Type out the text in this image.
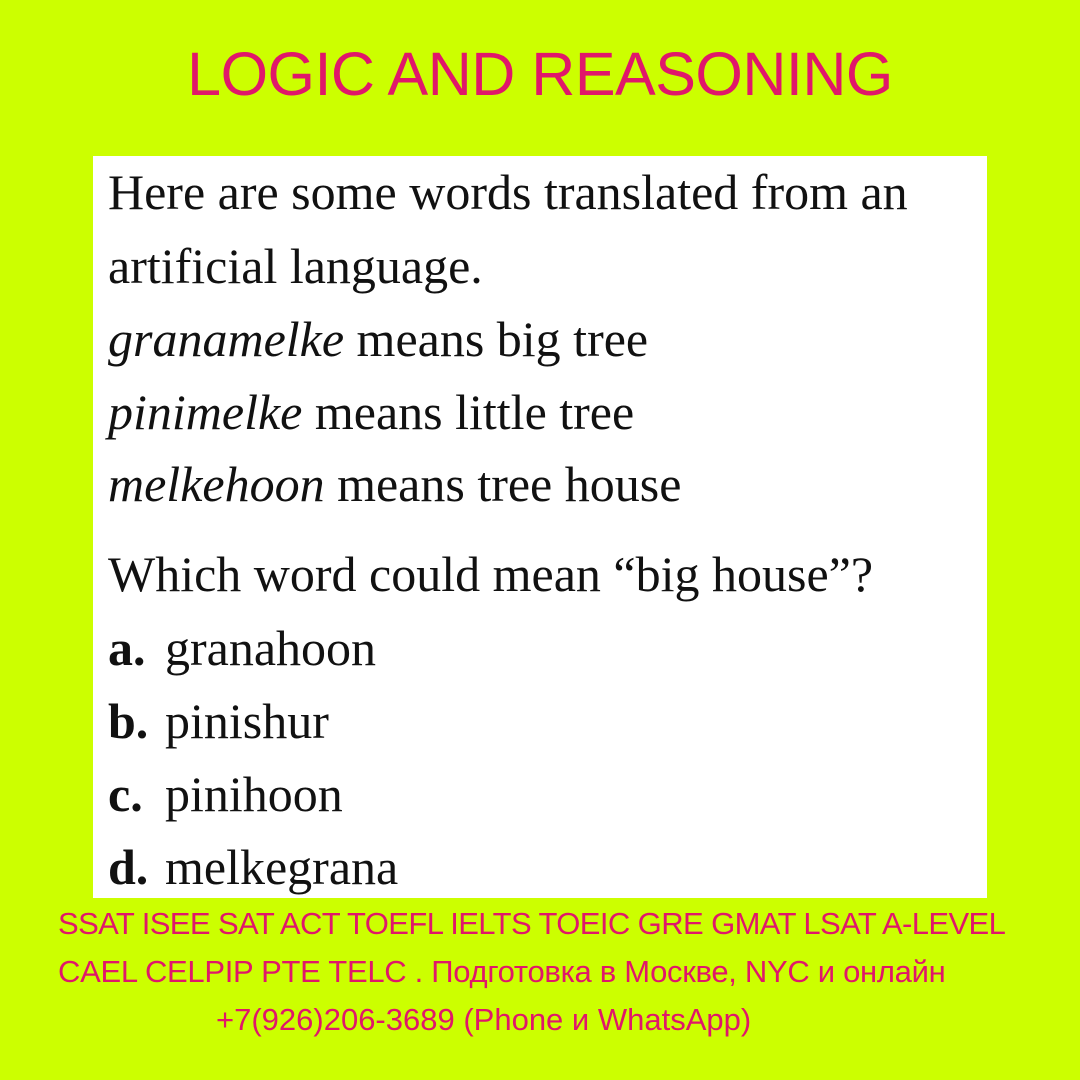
LOGIC AND REASONING
Here are some words translated from an
artificial language.
granamelke means big tree
pinimelke means little tree
melkehoon means tree house
Which word could mean “big house”?
a. granahoon
b. pinishur
c. pinihoon
d. melkegrana
SSAT ISEE SAT ACT TOEFL IELTS TOEIC GRE GMAT LSAT A-LEVEL
CAEL CELPIP PTE TELC . Подготовка в Москве, NYC и онлайн
+7(926)206-3689 (Phone и WhatsApp)
